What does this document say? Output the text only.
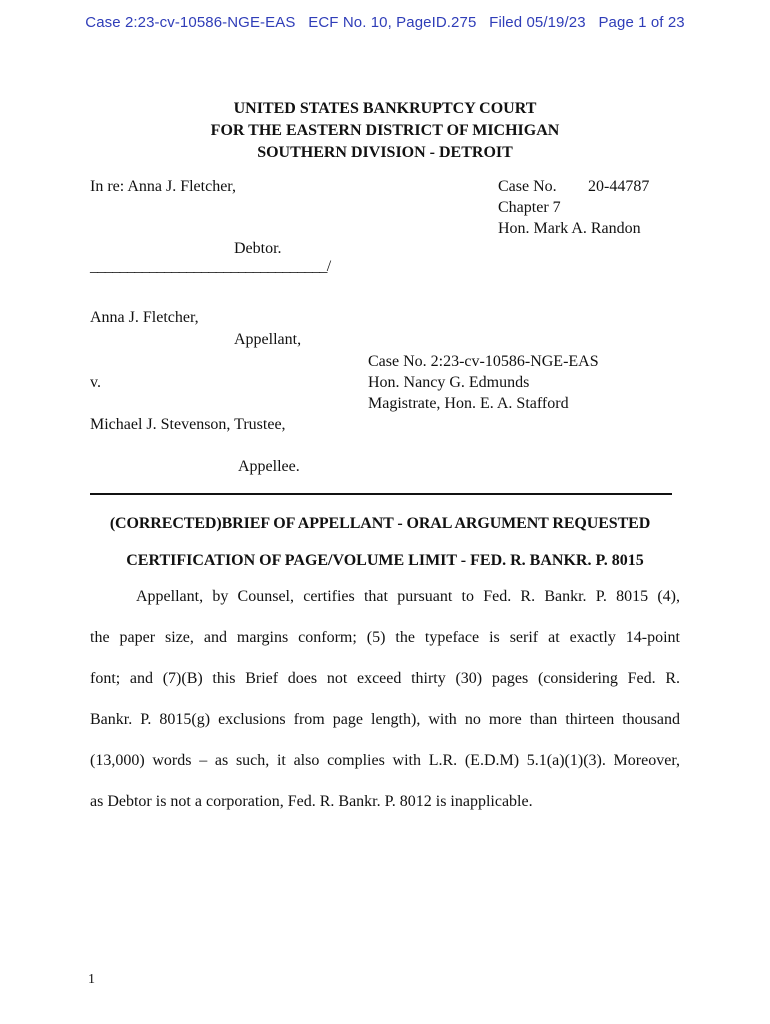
Case 2:23-cv-10586-NGE-EAS   ECF No. 10, PageID.275   Filed 05/19/23   Page 1 of 23
UNITED STATES BANKRUPTCY COURT
FOR THE EASTERN DISTRICT OF MICHIGAN
SOUTHERN DIVISION - DETROIT
In re: Anna J. Fletcher,	Case No. 20-44787
Chapter 7
Hon. Mark A. Randon
Debtor.
________________________________/
Anna J. Fletcher,
Appellant,
Case No. 2:23-cv-10586-NGE-EAS
v.	Hon. Nancy G. Edmunds
Magistrate, Hon. E. A. Stafford
Michael J. Stevenson, Trustee,
Appellee.
(CORRECTED)BRIEF OF APPELLANT - ORAL ARGUMENT REQUESTED
CERTIFICATION OF PAGE/VOLUME LIMIT - FED. R. BANKR. P. 8015
Appellant, by Counsel, certifies that pursuant to Fed. R. Bankr. P. 8015 (4),
the paper size, and margins conform; (5) the typeface is serif at exactly 14-point
font; and (7)(B) this Brief does not exceed thirty (30) pages (considering Fed. R.
Bankr. P. 8015(g) exclusions from page length), with no more than thirteen thousand
(13,000) words – as such, it also complies with L.R. (E.D.M) 5.1(a)(1)(3). Moreover,
as Debtor is not a corporation, Fed. R. Bankr. P. 8012 is inapplicable.
1
